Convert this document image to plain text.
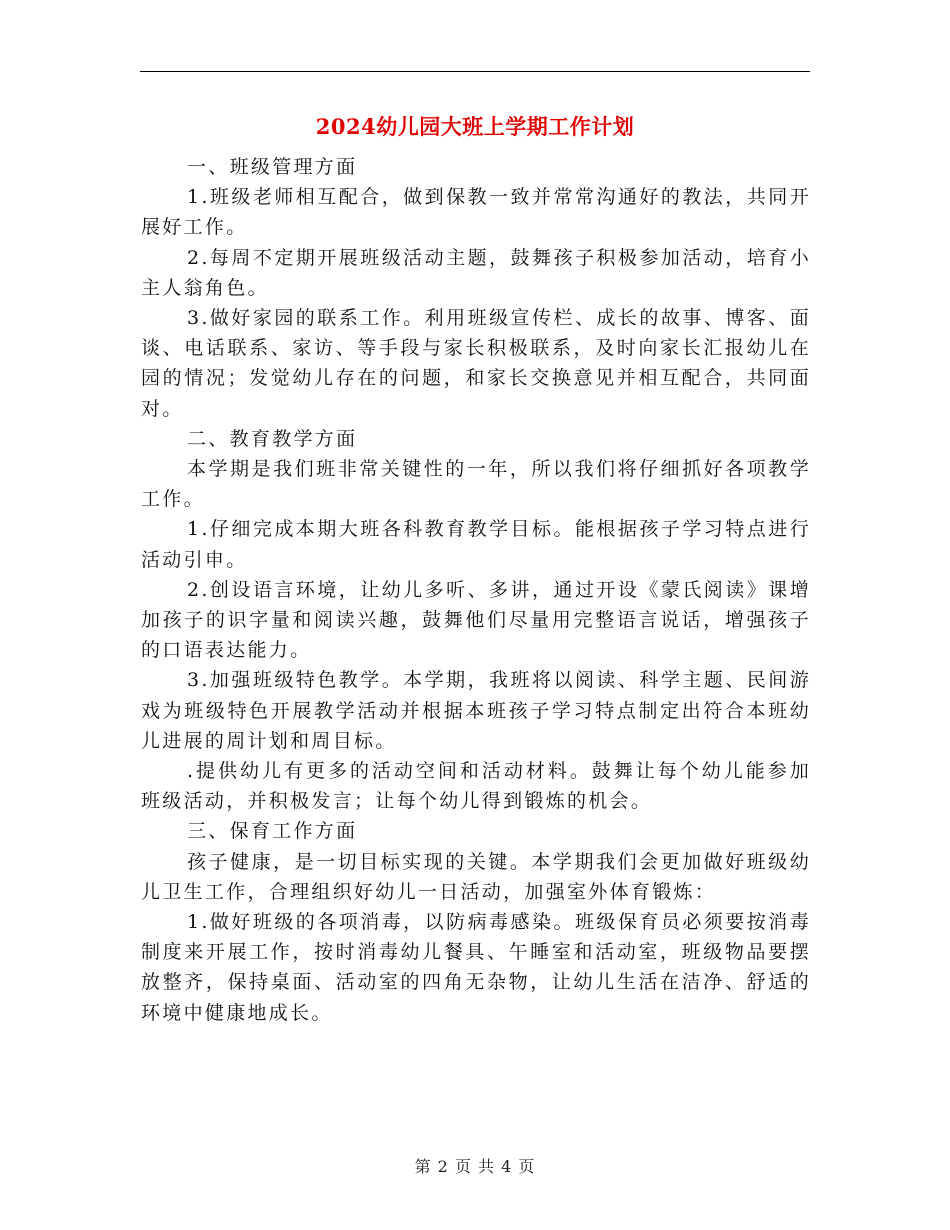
2024幼儿园大班上学期工作计划

一、班级管理方面

1.班级老师相互配合，做到保教一致并常常沟通好的教法，共同开展好工作。

2.每周不定期开展班级活动主题，鼓舞孩子积极参加活动，培育小主人翁角色。

3.做好家园的联系工作。利用班级宣传栏、成长的故事、博客、面谈、电话联系、家访、等手段与家长积极联系，及时向家长汇报幼儿在园的情况；发觉幼儿存在的问题，和家长交换意见并相互配合，共同面对。

二、教育教学方面

本学期是我们班非常关键性的一年，所以我们将仔细抓好各项教学工作。

1.仔细完成本期大班各科教育教学目标。能根据孩子学习特点进行活动引申。

2.创设语言环境，让幼儿多听、多讲，通过开设《蒙氏阅读》课增加孩子的识字量和阅读兴趣，鼓舞他们尽量用完整语言说话，增强孩子的口语表达能力。

3.加强班级特色教学。本学期，我班将以阅读、科学主题、民间游戏为班级特色开展教学活动并根据本班孩子学习特点制定出符合本班幼儿进展的周计划和周目标。

.提供幼儿有更多的活动空间和活动材料。鼓舞让每个幼儿能参加班级活动，并积极发言；让每个幼儿得到锻炼的机会。

三、保育工作方面

孩子健康，是一切目标实现的关键。本学期我们会更加做好班级幼儿卫生工作，合理组织好幼儿一日活动，加强室外体育锻炼：

1.做好班级的各项消毒，以防病毒感染。班级保育员必须要按消毒制度来开展工作，按时消毒幼儿餐具、午睡室和活动室，班级物品要摆放整齐，保持桌面、活动室的四角无杂物，让幼儿生活在洁净、舒适的环境中健康地成长。

第 2 页 共 4 页
